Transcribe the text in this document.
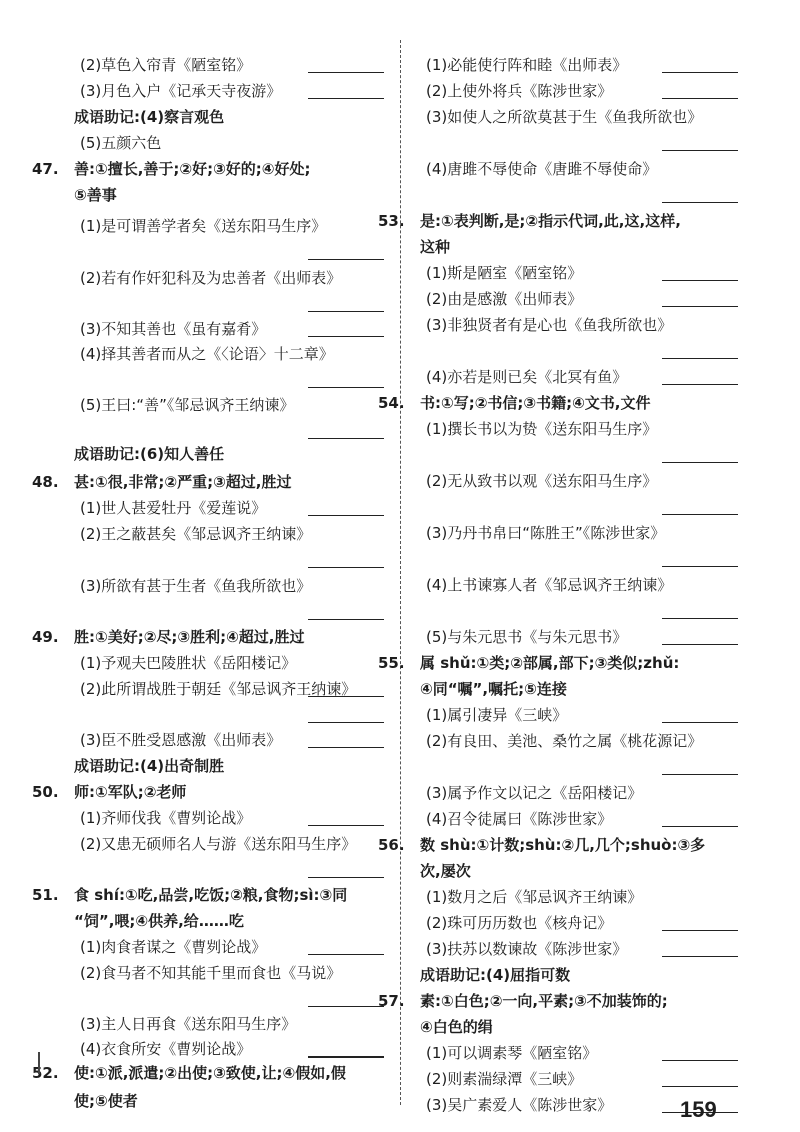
(2)草色入帘青《陋室铭》
(3)月色入户《记承天寺夜游》
成语助记:(4)察言观色
(5)五颜六色
47. 善:①擅长,善于;②好;③好的;④好处;
⑤善事
(1)是可谓善学者矣《送东阳马生序》
(2)若有作奸犯科及为忠善者《出师表》
(3)不知其善也《虽有嘉肴》
(4)择其善者而从之《〈论语〉十二章》
(5)王曰:“善”《邹忌讽齐王纳谏》
成语助记:(6)知人善任
48. 甚:①很,非常;②严重;③超过,胜过
(1)世人甚爱牡丹《爱莲说》
(2)王之蔽甚矣《邹忌讽齐王纳谏》
(3)所欲有甚于生者《鱼我所欲也》
49. 胜:①美好;②尽;③胜利;④超过,胜过
(1)予观夫巴陵胜状《岳阳楼记》
(2)此所谓战胜于朝廷《邹忌讽齐王纳谏》
(3)臣不胜受恩感激《出师表》
成语助记:(4)出奇制胜
50. 师:①军队;②老师
(1)齐师伐我《曹刿论战》
(2)又患无硕师名人与游《送东阳马生序》
51. 食 shí:①吃,品尝,吃饭;②粮,食物;sì:③同
“饲”,喂;④供养,给……吃
(1)肉食者谋之《曹刿论战》
(2)食马者不知其能千里而食也《马说》
(3)主人日再食《送东阳马生序》
(4)衣食所安《曹刿论战》
52. 使:①派,派遣;②出使;③致使,让;④假如,假
使;⑤使者
(1)必能使行阵和睦《出师表》
(2)上使外将兵《陈涉世家》
(3)如使人之所欲莫甚于生《鱼我所欲也》
(4)唐雎不辱使命《唐雎不辱使命》
53. 是:①表判断,是;②指示代词,此,这,这样,
这种
(1)斯是陋室《陋室铭》
(2)由是感激《出师表》
(3)非独贤者有是心也《鱼我所欲也》
(4)亦若是则已矣《北冥有鱼》
54. 书:①写;②书信;③书籍;④文书,文件
(1)撰长书以为贽《送东阳马生序》
(2)无从致书以观《送东阳马生序》
(3)乃丹书帛曰“陈胜王”《陈涉世家》
(4)上书谏寡人者《邹忌讽齐王纳谏》
(5)与朱元思书《与朱元思书》
55. 属 shǔ:①类;②部属,部下;③类似;zhǔ:
④同“嘱”,嘱托;⑤连接
(1)属引凄异《三峡》
(2)有良田、美池、桑竹之属《桃花源记》
(3)属予作文以记之《岳阳楼记》
(4)召令徒属曰《陈涉世家》
56. 数 shù:①计数;shù:②几,几个;shuò:③多
次,屡次
(1)数月之后《邹忌讽齐王纳谏》
(2)珠可历历数也《核舟记》
(3)扶苏以数谏故《陈涉世家》
成语助记:(4)屈指可数
57. 素:①白色;②一向,平素;③不加装饰的;
④白色的绢
(1)可以调素琴《陋室铭》
(2)则素湍绿潭《三峡》
(3)吴广素爱人《陈涉世家》	159
